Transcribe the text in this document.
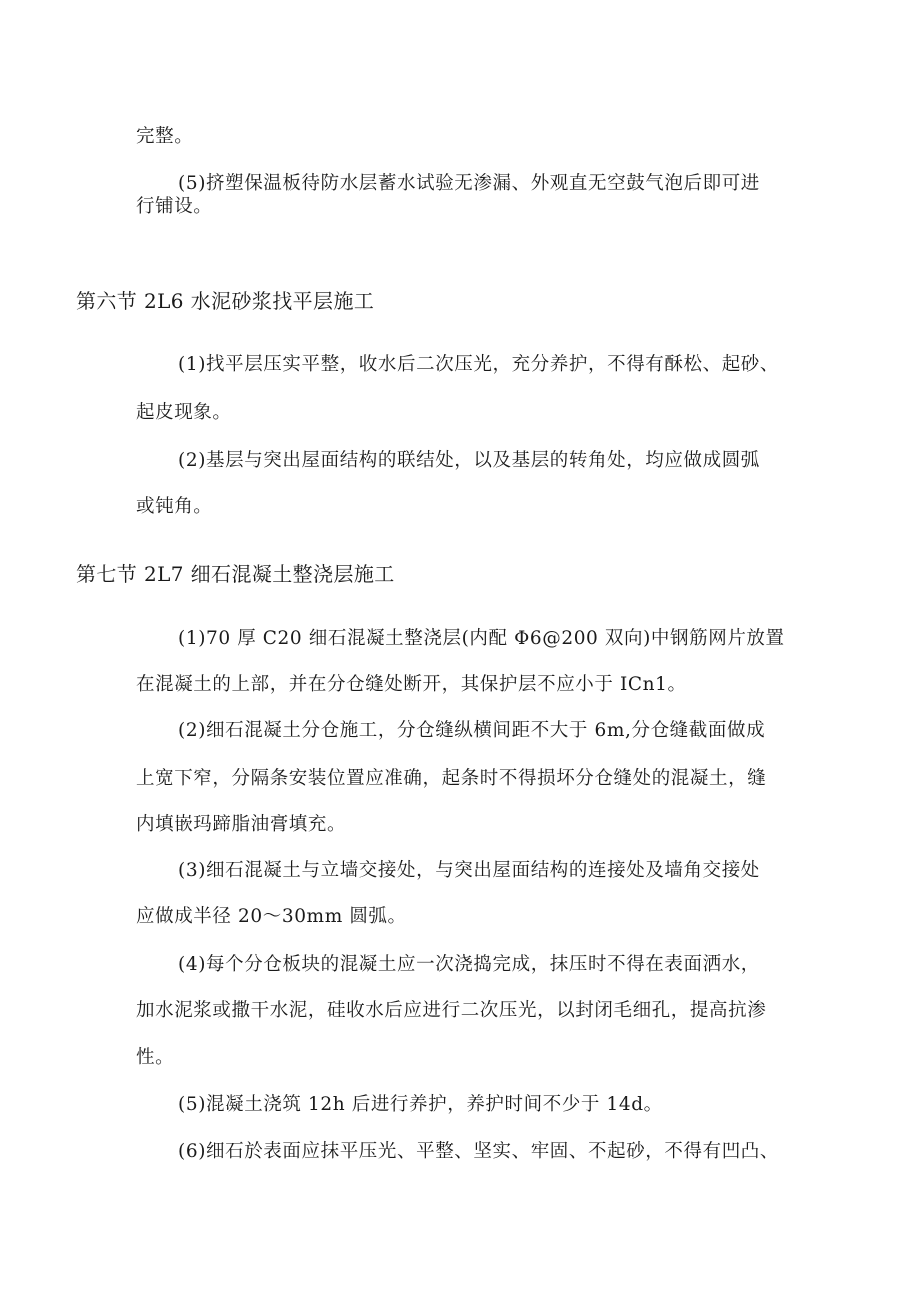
完整。
(5)挤塑保温板待防水层蓄水试验无渗漏、外观直无空鼓气泡后即可进
行铺设。
第六节 2L6 水泥砂浆找平层施工
(1)找平层压实平整，收水后二次压光，充分养护，不得有酥松、起砂、
起皮现象。
(2)基层与突出屋面结构的联结处，以及基层的转角处，均应做成圆弧
或钝角。
第七节 2L7 细石混凝土整浇层施工
(1)70 厚 C20 细石混凝土整浇层(内配 Φ6@200 双向)中钢筋网片放置
在混凝土的上部，并在分仓缝处断开，其保护层不应小于 ICn1。
(2)细石混凝土分仓施工，分仓缝纵横间距不大于 6m,分仓缝截面做成
上宽下窄，分隔条安装位置应准确，起条时不得损坏分仓缝处的混凝土，缝
内填嵌玛蹄脂油膏填充。
(3)细石混凝土与立墙交接处，与突出屋面结构的连接处及墙角交接处
应做成半径 20～30mm 圆弧。
(4)每个分仓板块的混凝土应一次浇捣完成，抹压时不得在表面洒水，
加水泥浆或撒干水泥，硅收水后应进行二次压光，以封闭毛细孔，提高抗渗
性。
(5)混凝土浇筑 12h 后进行养护，养护时间不少于 14d。
(6)细石於表面应抹平压光、平整、坚实、牢固、不起砂，不得有凹凸、
